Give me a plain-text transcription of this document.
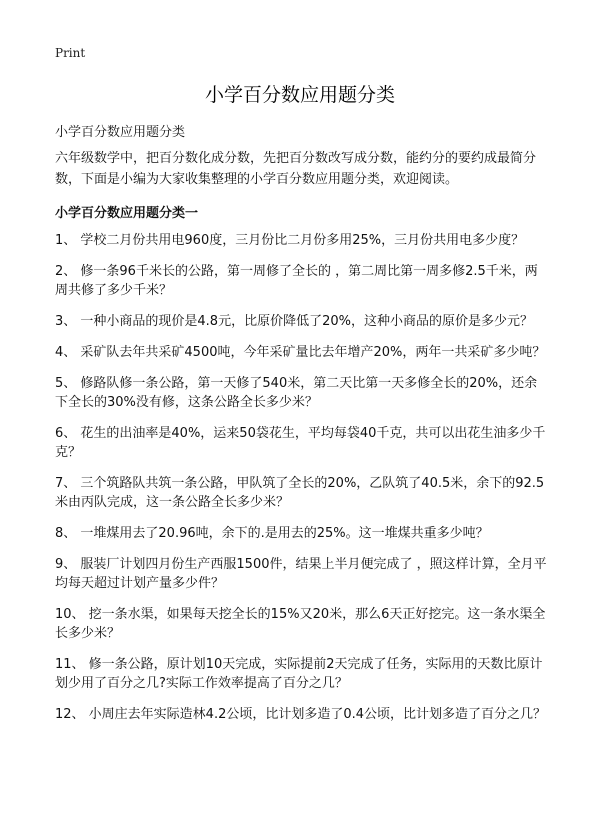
Print
小学百分数应用题分类

小学百分数应用题分类

六年级数学中，把百分数化成分数，先把百分数改写成分数，能约分的要约成最简分数，下面是小编为大家收集整理的小学百分数应用题分类，欢迎阅读。

小学百分数应用题分类一

1、 学校二月份共用电960度，三月份比二月份多用25%，三月份共用电多少度？
2、 修一条96千米长的公路，第一周修了全长的 ，第二周比第一周多修2.5千米，两周共修了多少千米？
3、 一种小商品的现价是4.8元，比原价降低了20%，这种小商品的原价是多少元？
4、 采矿队去年共采矿4500吨，今年采矿量比去年增产20%，两年一共采矿多少吨？
5、 修路队修一条公路，第一天修了540米，第二天比第一天多修全长的20%，还余下全长的30%没有修，这条公路全长多少米？
6、 花生的出油率是40%，运来50袋花生，平均每袋40千克，共可以出花生油多少千克？
7、 三个筑路队共筑一条公路，甲队筑了全长的20%，乙队筑了40.5米，余下的92.5米由丙队完成，这一条公路全长多少米？
8、 一堆煤用去了20.96吨，余下的.是用去的25%。这一堆煤共重多少吨？
9、 服装厂计划四月份生产西服1500件，结果上半月便完成了 ，照这样计算，全月平均每天超过计划产量多少件？
10、 挖一条水渠，如果每天挖全长的15%又20米，那么6天正好挖完。这一条水渠全长多少米？
11、 修一条公路，原计划10天完成，实际提前2天完成了任务，实际用的天数比原计划少用了百分之几?实际工作效率提高了百分之几？
12、 小周庄去年实际造林4.2公顷，比计划多造了0.4公顷，比计划多造了百分之几？
